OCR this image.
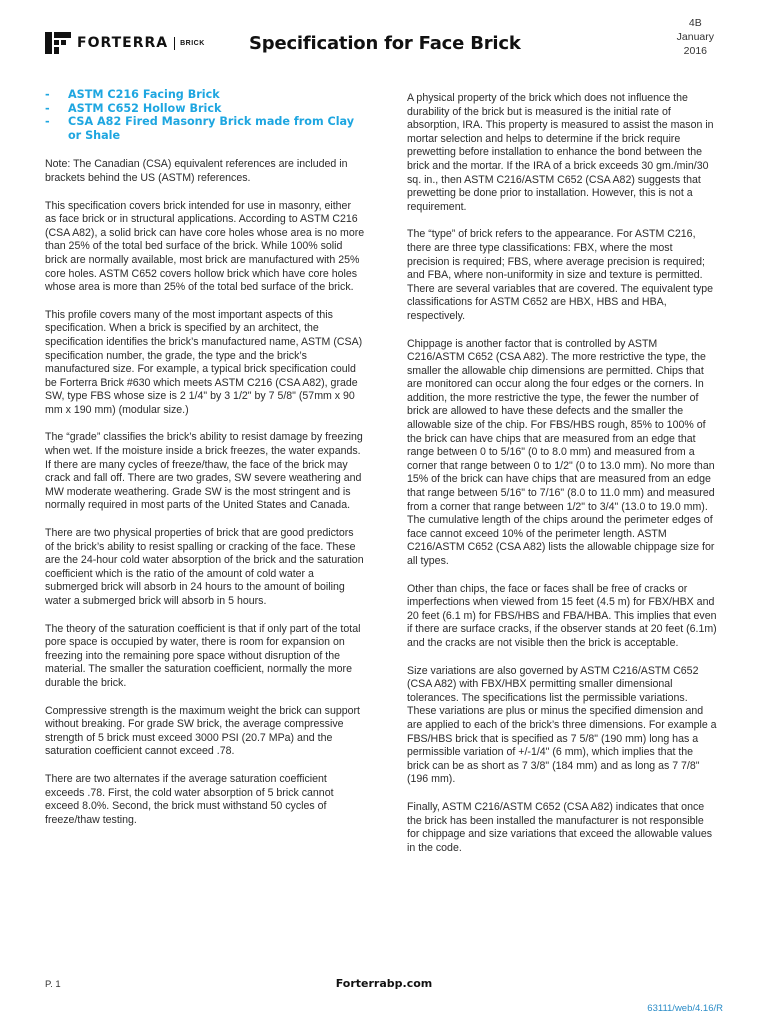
FORTERRA BRICK Specification for Face Brick
4B
January
2016
- ASTM C216 Facing Brick
- ASTM C652 Hollow Brick
- CSA A82 Fired Masonry Brick made from Clay or Shale

Note: The Canadian (CSA) equivalent references are included in brackets behind the US (ASTM) references.

This specification covers brick intended for use in masonry, either as face brick or in structural applications. According to ASTM C216 (CSA A82), a solid brick can have core holes whose area is no more than 25% of the total bed surface of the brick. While 100% solid brick are normally available, most brick are manufactured with 25% core holes. ASTM C652 covers hollow brick which have core holes whose area is more than 25% of the total bed surface of the brick.

This profile covers many of the most important aspects of this specification. When a brick is specified by an architect, the specification identifies the brick’s manufactured name, ASTM (CSA) specification number, the grade, the type and the brick’s manufactured size. For example, a typical brick specification could be Forterra Brick #630 which meets ASTM C216 (CSA A82), grade SW, type FBS whose size is 2 1/4" by 3 1/2" by 7 5/8" (57mm x 90 mm x 190 mm) (modular size.)

The “grade” classifies the brick’s ability to resist damage by freezing when wet. If the moisture inside a brick freezes, the water expands. If there are many cycles of freeze/thaw, the face of the brick may crack and fall off. There are two grades, SW severe weathering and MW moderate weathering. Grade SW is the most stringent and is normally required in most parts of the United States and Canada.

There are two physical properties of brick that are good predictors of the brick’s ability to resist spalling or cracking of the face. These are the 24-hour cold water absorption of the brick and the saturation coefficient which is the ratio of the amount of cold water a submerged brick will absorb in 24 hours to the amount of boiling water a submerged brick will absorb in 5 hours.

The theory of the saturation coefficient is that if only part of the total pore space is occupied by water, there is room for expansion on freezing into the remaining pore space without disruption of the material. The smaller the saturation coefficient, normally the more durable the brick.

Compressive strength is the maximum weight the brick can support without breaking. For grade SW brick, the average compressive strength of 5 brick must exceed 3000 PSI (20.7 MPa) and the saturation coefficient cannot exceed .78.

There are two alternates if the average saturation coefficient exceeds .78. First, the cold water absorption of 5 brick cannot exceed 8.0%. Second, the brick must withstand 50 cycles of freeze/thaw testing.

A physical property of the brick which does not influence the durability of the brick but is measured is the initial rate of absorption, IRA. This property is measured to assist the mason in mortar selection and helps to determine if the brick require prewetting before installation to enhance the bond between the brick and the mortar. If the IRA of a brick exceeds 30 gm./min/30 sq. in., then ASTM C216/ASTM C652 (CSA A82) suggests that prewetting be done prior to installation. However, this is not a requirement.

The “type” of brick refers to the appearance. For ASTM C216, there are three type classifications: FBX, where the most precision is required; FBS, where average precision is required; and FBA, where non-uniformity in size and texture is permitted. There are several variables that are covered. The equivalent type classifications for ASTM C652 are HBX, HBS and HBA, respectively.

Chippage is another factor that is controlled by ASTM C216/ASTM C652 (CSA A82). The more restrictive the type, the smaller the allowable chip dimensions are permitted. Chips that are monitored can occur along the four edges or the corners. In addition, the more restrictive the type, the fewer the number of brick are allowed to have these defects and the smaller the allowable size of the chip. For FBS/HBS rough, 85% to 100% of the brick can have chips that are measured from an edge that range between 0 to 5/16" (0 to 8.0 mm) and measured from a corner that range between 0 to 1/2" (0 to 13.0 mm). No more than 15% of the brick can have chips that are measured from an edge that range between 5/16" to 7/16" (8.0 to 11.0 mm) and measured from a corner that range between 1/2" to 3/4" (13.0 to 19.0 mm). The cumulative length of the chips around the perimeter edges of face cannot exceed 10% of the perimeter length. ASTM C216/ASTM C652 (CSA A82) lists the allowable chippage size for all types.

Other than chips, the face or faces shall be free of cracks or imperfections when viewed from 15 feet (4.5 m) for FBX/HBX and 20 feet (6.1 m) for FBS/HBS and FBA/HBA. This implies that even if there are surface cracks, if the observer stands at 20 feet (6.1m) and the cracks are not visible then the brick is acceptable.

Size variations are also governed by ASTM C216/ASTM C652 (CSA A82) with FBX/HBX permitting smaller dimensional tolerances. The specifications list the permissible variations. These variations are plus or minus the specified dimension and are applied to each of the brick’s three dimensions. For example a FBS/HBS brick that is specified as 7 5/8" (190 mm) long has a permissible variation of +/-1/4" (6 mm), which implies that the brick can be as short as 7 3/8" (184 mm) and as long as 7 7/8" (196 mm).

Finally, ASTM C216/ASTM C652 (CSA A82) indicates that once the brick has been installed the manufacturer is not responsible for chippage and size variations that exceed the allowable values in the code.

P. 1	Forterrabp.com
63111/web/4.16/R
